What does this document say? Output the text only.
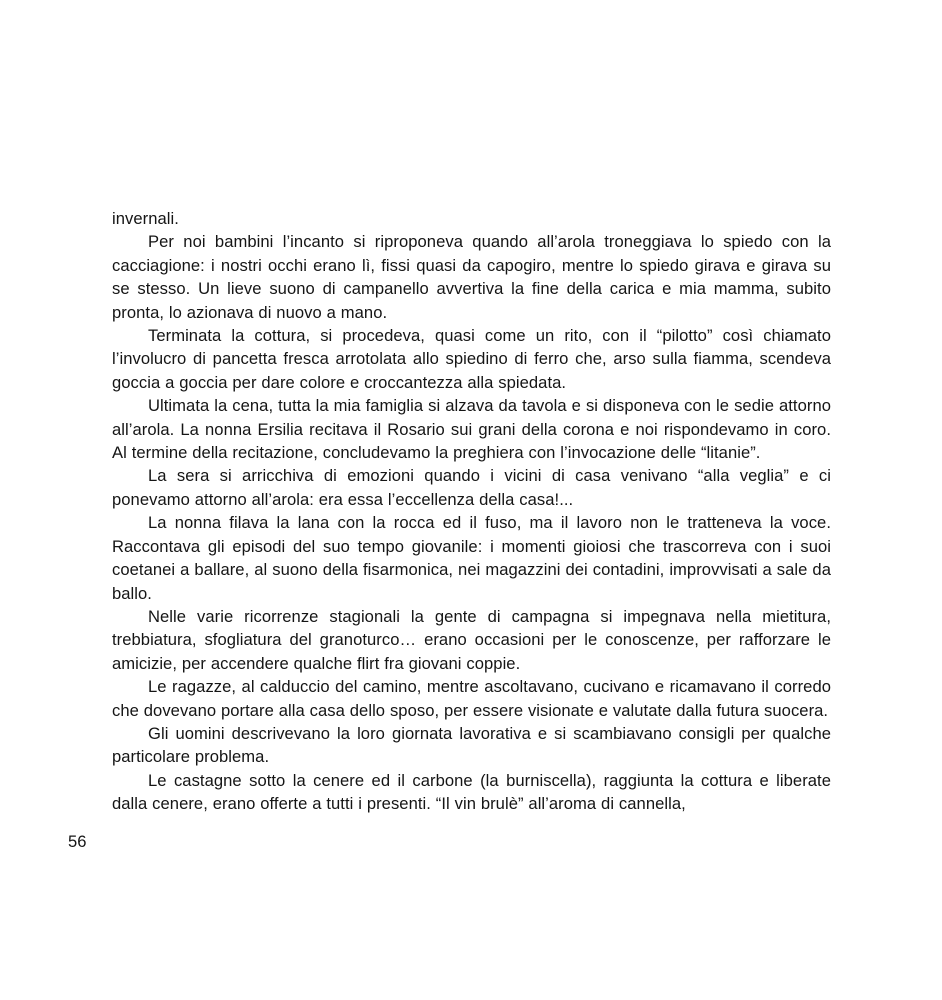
invernali.

Per noi bambini l’incanto si riproponeva quando all’arola troneggiava lo spiedo con la cacciagione: i nostri occhi erano lì, fissi quasi da capogiro, mentre lo spiedo girava e girava su se stesso. Un lieve suono di campanello avvertiva la fine della carica e mia mamma, subito pronta, lo azionava di nuovo a mano.

Terminata la cottura, si procedeva, quasi come un rito, con il “pilotto” così chiamato l’involucro di pancetta fresca arrotolata allo spiedino di ferro che, arso sulla fiamma, scendeva goccia a goccia per dare colore e croccantezza alla spiedata.

Ultimata la cena, tutta la mia famiglia si alzava da tavola e si disponeva con le sedie attorno all’arola. La nonna Ersilia recitava il Rosario sui grani della corona e noi rispondevamo in coro. Al termine della recitazione, concludevamo la preghiera con l’invocazione delle “litanie”.

La sera si arricchiva di emozioni quando i vicini di casa venivano “alla veglia” e ci ponevamo attorno all’arola: era essa l’eccellenza della casa!...

La nonna filava la lana con la rocca ed il fuso, ma il lavoro non le tratteneva la voce. Raccontava gli episodi del suo tempo giovanile: i momenti gioiosi che trascorreva con i suoi coetanei a ballare, al suono della fisarmonica, nei magazzini dei contadini, improvvisati a sale da ballo.

Nelle varie ricorrenze stagionali la gente di campagna si impegnava nella mietitura, trebbiatura, sfogliatura del granoturco… erano occasioni per le conoscenze, per rafforzare le amicizie, per accendere qualche flirt fra giovani coppie.

Le ragazze, al calduccio del camino, mentre ascoltavano, cucivano e ricamavano il corredo che dovevano portare alla casa dello sposo, per essere visionate e valutate dalla futura suocera.

Gli uomini descrivevano la loro giornata lavorativa e si scambiavano consigli per qualche particolare problema.

Le castagne sotto la cenere ed il carbone (la burniscella), raggiunta la cottura e liberate dalla cenere, erano offerte a tutti i presenti. “Il vin brulè” all’aroma di cannella,

56
